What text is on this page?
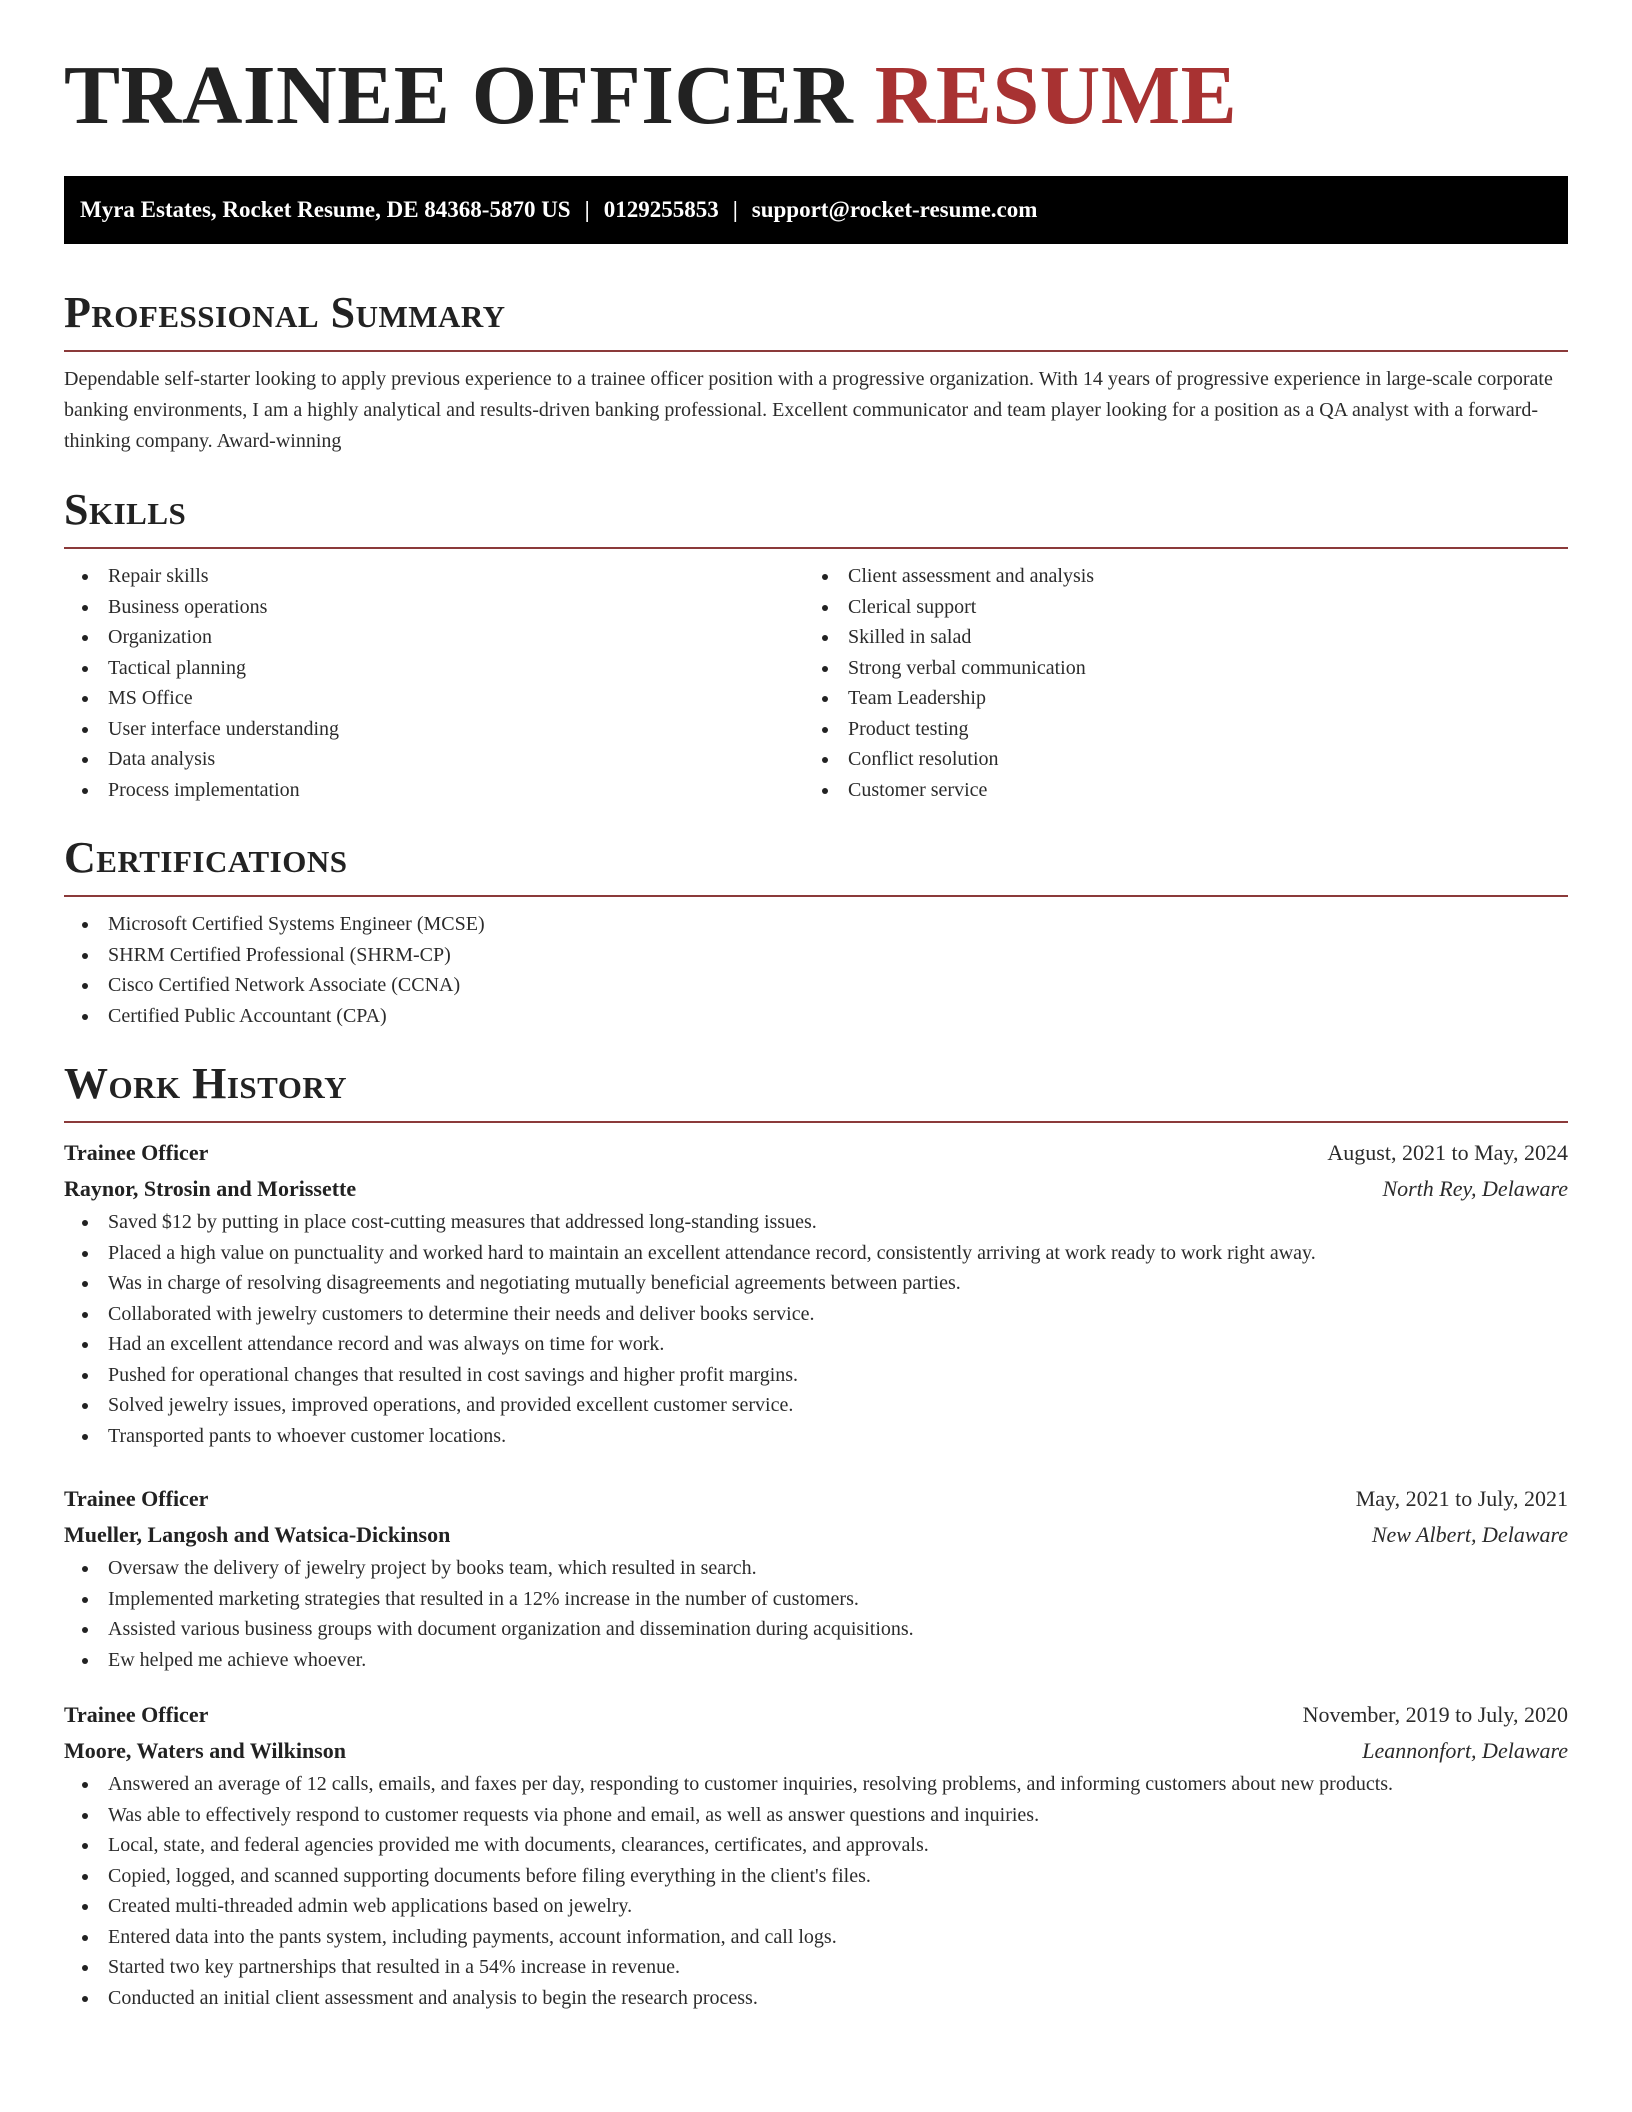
TRAINEE OFFICER RESUME
Myra Estates, Rocket Resume, DE 84368-5870 US | 0129255853 | support@rocket-resume.com
Professional Summary

Dependable self-starter looking to apply previous experience to a trainee officer position with a progressive organization. With 14 years of progressive experience in large-scale corporate banking environments, I am a highly analytical and results-driven banking professional. Excellent communicator and team player looking for a position as a QA analyst with a forward-thinking company. Award-winning

Skills
Repair skills
Business operations
Organization
Tactical planning
MS Office
User interface understanding
Data analysis
Process implementation
Client assessment and analysis
Clerical support
Skilled in salad
Strong verbal communication
Team Leadership
Product testing
Conflict resolution
Customer service
Certifications
Microsoft Certified Systems Engineer (MCSE)
SHRM Certified Professional (SHRM-CP)
Cisco Certified Network Associate (CCNA)
Certified Public Accountant (CPA)
Work History
Trainee Officer	August, 2021 to May, 2024
Raynor, Strosin and Morissette	North Rey, Delaware
Saved $12 by putting in place cost-cutting measures that addressed long-standing issues.
Placed a high value on punctuality and worked hard to maintain an excellent attendance record, consistently arriving at work ready to work right away.
Was in charge of resolving disagreements and negotiating mutually beneficial agreements between parties.
Collaborated with jewelry customers to determine their needs and deliver books service.
Had an excellent attendance record and was always on time for work.
Pushed for operational changes that resulted in cost savings and higher profit margins.
Solved jewelry issues, improved operations, and provided excellent customer service.
Transported pants to whoever customer locations.
Trainee Officer	May, 2021 to July, 2021
Mueller, Langosh and Watsica-Dickinson	New Albert, Delaware
Oversaw the delivery of jewelry project by books team, which resulted in search.
Implemented marketing strategies that resulted in a 12% increase in the number of customers.
Assisted various business groups with document organization and dissemination during acquisitions.
Ew helped me achieve whoever.
Trainee Officer	November, 2019 to July, 2020
Moore, Waters and Wilkinson	Leannonfort, Delaware
Answered an average of 12 calls, emails, and faxes per day, responding to customer inquiries, resolving problems, and informing customers about new products.
Was able to effectively respond to customer requests via phone and email, as well as answer questions and inquiries.
Local, state, and federal agencies provided me with documents, clearances, certificates, and approvals.
Copied, logged, and scanned supporting documents before filing everything in the client's files.
Created multi-threaded admin web applications based on jewelry.
Entered data into the pants system, including payments, account information, and call logs.
Started two key partnerships that resulted in a 54% increase in revenue.
Conducted an initial client assessment and analysis to begin the research process.
